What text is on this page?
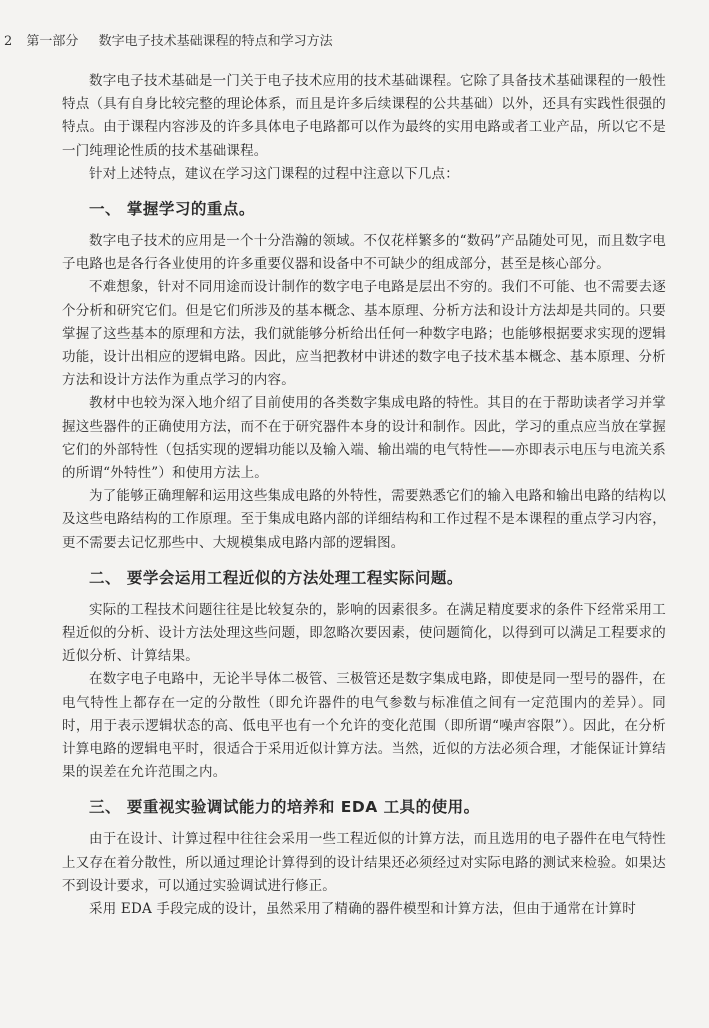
2 第一部分 数字电子技术基础课程的特点和学习方法

数字电子技术基础是一门关于电子技术应用的技术基础课程。它除了具备技术基础课程的一般性特点（具有自身比较完整的理论体系，而且是许多后续课程的公共基础）以外，还具有实践性很强的特点。由于课程内容涉及的许多具体电子电路都可以作为最终的实用电路或者工业产品，所以它不是一门纯理论性质的技术基础课程。

针对上述特点，建议在学习这门课程的过程中注意以下几点：

一、 掌握学习的重点。

数字电子技术的应用是一个十分浩瀚的领域。不仅花样繁多的“数码”产品随处可见，而且数字电子电路也是各行各业使用的许多重要仪器和设备中不可缺少的组成部分，甚至是核心部分。

不难想象，针对不同用途而设计制作的数字电子电路是层出不穷的。我们不可能、也不需要去逐个分析和研究它们。但是它们所涉及的基本概念、基本原理、分析方法和设计方法却是共同的。只要掌握了这些基本的原理和方法，我们就能够分析给出任何一种数字电路；也能够根据要求实现的逻辑功能，设计出相应的逻辑电路。因此，应当把教材中讲述的数字电子技术基本概念、基本原理、分析方法和设计方法作为重点学习的内容。

教材中也较为深入地介绍了目前使用的各类数字集成电路的特性。其目的在于帮助读者学习并掌握这些器件的正确使用方法，而不在于研究器件本身的设计和制作。因此，学习的重点应当放在掌握它们的外部特性（包括实现的逻辑功能以及输入端、输出端的电气特性——亦即表示电压与电流关系的所谓“外特性”）和使用方法上。

为了能够正确理解和运用这些集成电路的外特性，需要熟悉它们的输入电路和输出电路的结构以及这些电路结构的工作原理。至于集成电路内部的详细结构和工作过程不是本课程的重点学习内容，更不需要去记忆那些中、大规模集成电路内部的逻辑图。

二、 要学会运用工程近似的方法处理工程实际问题。

实际的工程技术问题往往是比较复杂的，影响的因素很多。在满足精度要求的条件下经常采用工程近似的分析、设计方法处理这些问题，即忽略次要因素，使问题简化，以得到可以满足工程要求的近似分析、计算结果。

在数字电子电路中，无论半导体二极管、三极管还是数字集成电路，即使是同一型号的器件，在电气特性上都存在一定的分散性（即允许器件的电气参数与标准值之间有一定范围内的差异）。同时，用于表示逻辑状态的高、低电平也有一个允许的变化范围（即所谓“噪声容限”）。因此，在分析计算电路的逻辑电平时，很适合于采用近似计算方法。当然，近似的方法必须合理，才能保证计算结果的误差在允许范围之内。

三、 要重视实验调试能力的培养和 EDA 工具的使用。

由于在设计、计算过程中往往会采用一些工程近似的计算方法，而且选用的电子器件在电气特性上又存在着分散性，所以通过理论计算得到的设计结果还必须经过对实际电路的测试来检验。如果达不到设计要求，可以通过实验调试进行修正。

采用 EDA 手段完成的设计，虽然采用了精确的器件模型和计算方法，但由于通常在计算时
